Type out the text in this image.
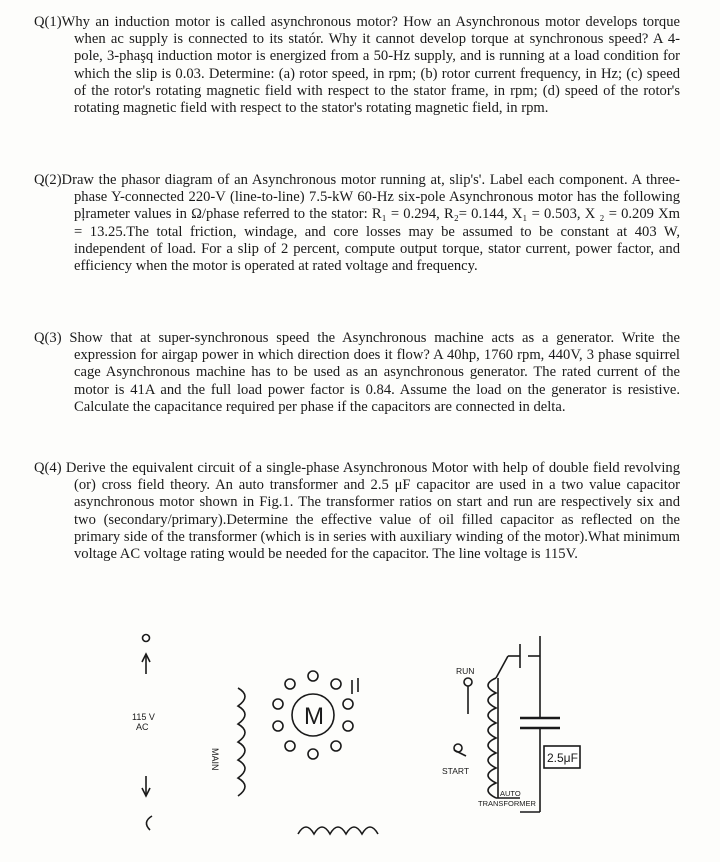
Q(1)Why an induction motor is called asynchronous motor? How an Asynchronous motor develops torque when ac supply is connected to its statór. Why it cannot develop torque at synchronous speed? A 4-pole, 3-phaşq induction motor is energized from a 50-Hz supply, and is running at a load condition for which the slip is 0.03. Determine: (a) rotor speed, in rpm; (b) rotor current frequency, in Hz; (c) speed of the rotor's rotating magnetic field with respect to the stator frame, in rpm; (d) speed of the rotor's rotating magnetic field with respect to the stator's rotating magnetic field, in rpm.

Q(2)Draw the phasor diagram of an Asynchronous motor running at, slip's'. Label each component. A three-phase Y-connected 220-V (line-to-line) 7.5-kW 60-Hz six-pole Asynchronous motor has the following pļrameter values in Ω/phase referred to the stator: R₁ = 0.294, R₂= 0.144, X₁ = 0.503, X ₂ = 0.209 Xm = 13.25.The total friction, windage, and core losses may be assumed to be constant at 403 W, independent of load. For a slip of 2 percent, compute output torque, stator current, power factor, and efficiency when the motor is operated at rated voltage and frequency.

Q(3) Show that at super-synchronous speed the Asynchronous machine acts as a generator. Write the expression for airgap power in which direction does it flow? A 40hp, 1760 rpm, 440V, 3 phase squirrel cage Asynchronous machine has to be used as an asynchronous generator. The rated current of the motor is 41A and the full load power factor is 0.84. Assume the load on the generator is resistive. Calculate the capacitance required per phase if the capacitors are connected in delta.

Q(4) Derive the equivalent circuit of a single-phase Asynchronous Motor with help of double field revolving (or) cross field theory. An auto transformer and 2.5 μF capacitor are used in a two value capacitor asynchronous motor shown in Fig.1. The transformer ratios on start and run are respectively six and two (secondary/primary).Determine the effective value of oil filled capacitor as reflected on the primary side of the transformer (which is in series with auxiliary winding of the motor).What minimum voltage AC voltage rating would be needed for the capacitor. The line voltage is 115V.

115 V
AC
MAIN
M
RUN
START
AUTO
TRANSFORMER
2.5μF
